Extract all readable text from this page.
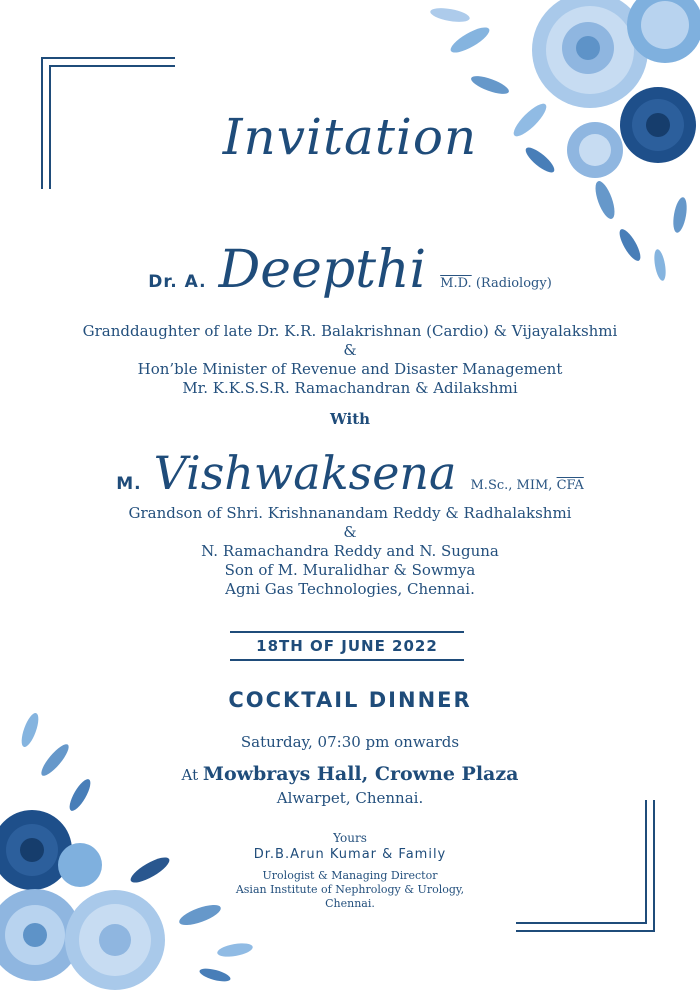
Invitation
Dr. A. Deepthi M.D. (Radiology)
Granddaughter of late Dr. K.R. Balakrishnan (Cardio) & Vijayalakshmi
&
Hon’ble Minister of Revenue and Disaster Management
Mr. K.K.S.S.R. Ramachandran & Adilakshmi
With
M. Vishwaksena M.Sc., MIM, $\overline{CFA}$
Grandson of Shri. Krishnanandam Reddy & Radhalakshmi
&
N. Ramachandra Reddy and N. Suguna
Son of M. Muralidhar & Sowmya
Agni Gas Technologies, Chennai.
18TH OF JUNE 2022
COCKTAIL DINNER
Saturday, 07:30 pm onwards
At Mowbrays Hall, Crowne Plaza
Alwarpet, Chennai.
Yours
Dr.B.Arun Kumar & Family
Urologist & Managing Director
Asian Institute of Nephrology & Urology,
Chennai.
